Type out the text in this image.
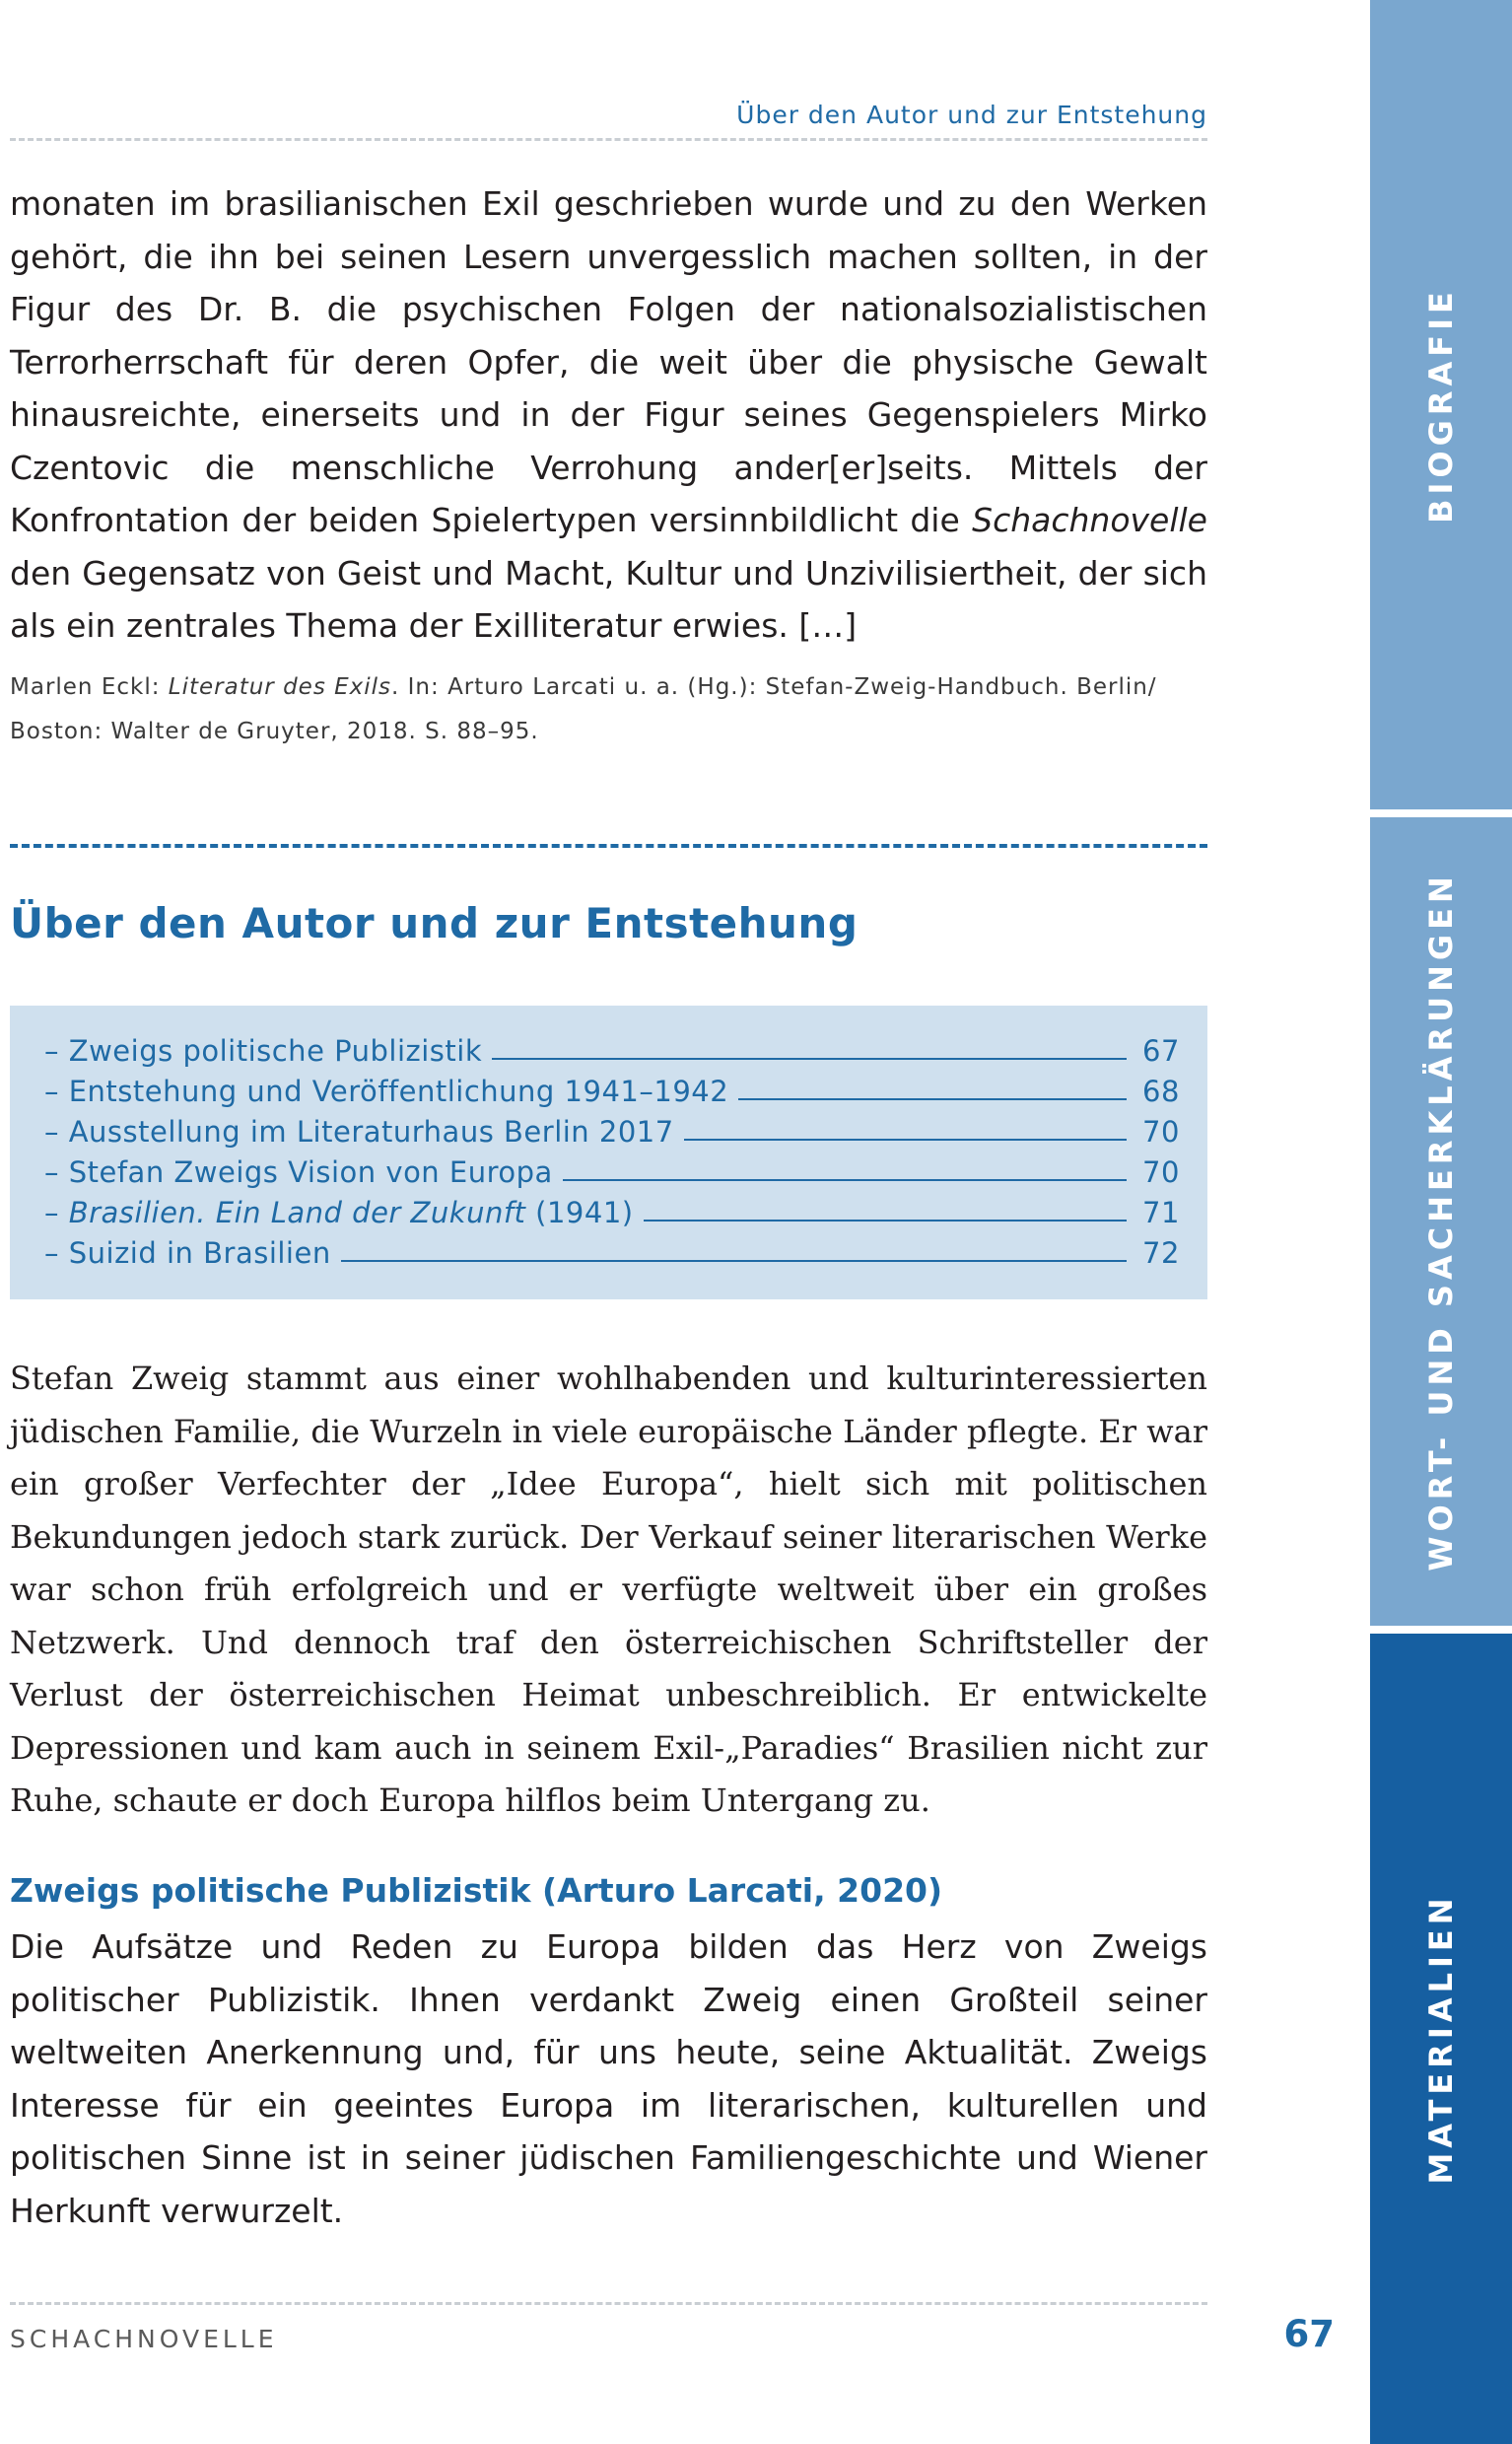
Über den Autor und zur Entstehung

monaten im brasilianischen Exil geschrieben wurde und zu den Werken gehört, die ihn bei seinen Lesern unvergesslich machen sollten, in der Figur des Dr. B. die psychischen Folgen der nationalsozialistischen Terrorherrschaft für deren Opfer, die weit über die physische Gewalt hinausreichte, einerseits und in der Figur seines Gegenspielers Mirko Czentovic die menschliche Verrohung ander[er]seits. Mittels der Konfrontation der beiden Spielertypen versinnbildlicht die Schachnovelle den Gegensatz von Geist und Macht, Kultur und Unzivilisiertheit, der sich als ein zentrales Thema der Exilliteratur erwies. […]

Marlen Eckl: Literatur des Exils. In: Arturo Larcati u. a. (Hg.): Stefan-Zweig-Handbuch. Berlin/ Boston: Walter de Gruyter, 2018. S. 88–95.

Über den Autor und zur Entstehung
– Zweigs politische Publizistik	67
– Entstehung und Veröffentlichung 1941–1942	68
– Ausstellung im Literaturhaus Berlin 2017	70
– Stefan Zweigs Vision von Europa	70
– Brasilien. Ein Land der Zukunft (1941)	71
– Suizid in Brasilien	72

Stefan Zweig stammt aus einer wohlhabenden und kulturinteressierten jüdischen Familie, die Wurzeln in viele europäische Länder pflegte. Er war ein großer Verfechter der „Idee Europa“, hielt sich mit politischen Bekundungen jedoch stark zurück. Der Verkauf seiner literarischen Werke war schon früh erfolgreich und er verfügte weltweit über ein großes Netzwerk. Und dennoch traf den österreichischen Schriftsteller der Verlust der österreichischen Heimat unbeschreiblich. Er entwickelte Depressionen und kam auch in seinem Exil-„Paradies“ Brasilien nicht zur Ruhe, schaute er doch Europa hilflos beim Untergang zu.

Zweigs politische Publizistik (Arturo Larcati, 2020)

Die Aufsätze und Reden zu Europa bilden das Herz von Zweigs politischer Publizistik. Ihnen verdankt Zweig einen Großteil seiner weltweiten Anerkennung und, für uns heute, seine Aktualität. Zweigs Interesse für ein geeintes Europa im literarischen, kulturellen und politischen Sinne ist in seiner jüdischen Familiengeschichte und Wiener Herkunft verwurzelt.

SCHACHNOVELLE	67
BIOGRAFIE
WORT- UND SACHERKLÄRUNGEN
MATERIALIEN
